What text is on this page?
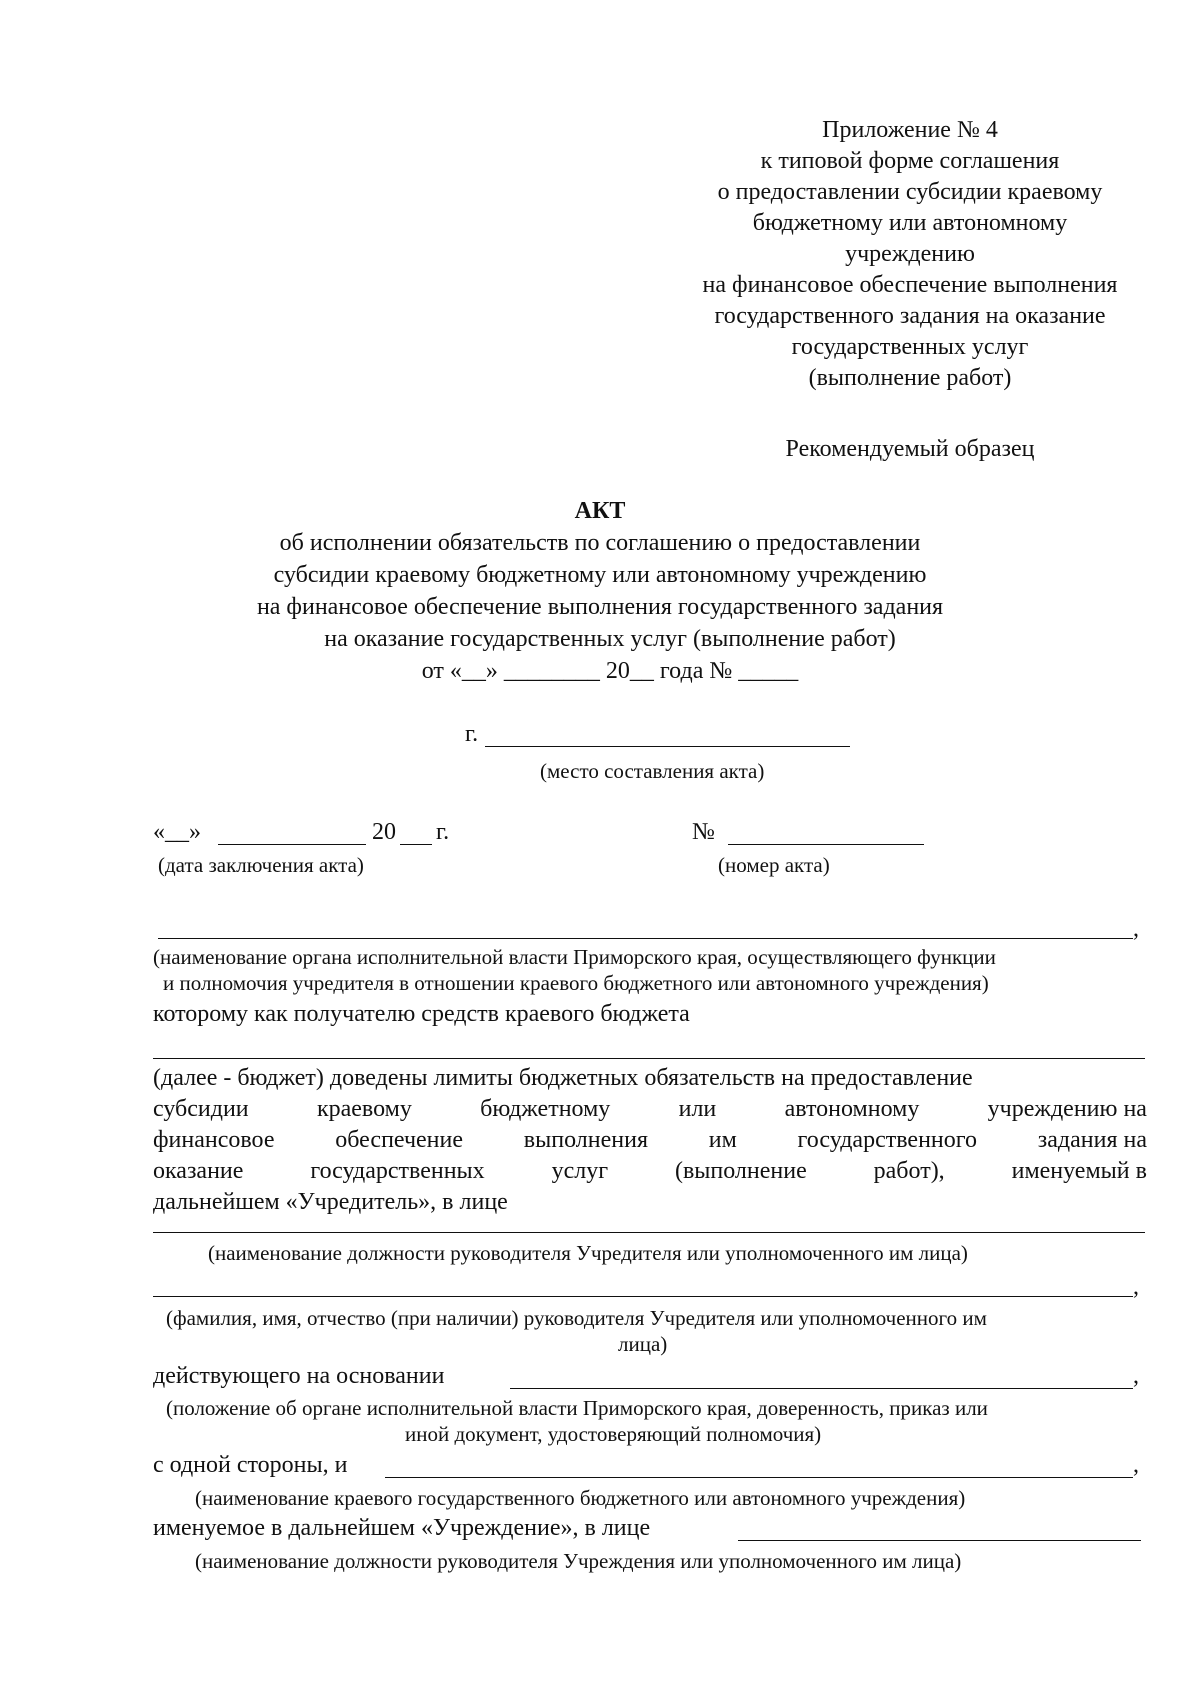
Приложение № 4
к типовой форме соглашения
о предоставлении субсидии краевому
бюджетному или автономному
учреждению
на финансовое обеспечение выполнения
государственного задания на оказание
государственных услуг
(выполнение работ)
Рекомендуемый образец
АКТ
об исполнении обязательств по соглашению о предоставлении
субсидии краевому бюджетному или автономному учреждению
на финансовое обеспечение выполнения государственного задания
на оказание государственных услуг (выполнение работ)
от «__» ________ 20__ года № _____
г.
(место составления акта)
«__»	20 г.
(дата заключения акта)
№
(номер акта)
,
(наименование органа исполнительной власти Приморского края, осуществляющего функции
и полномочия учредителя в отношении краевого бюджетного или автономного учреждения)
которому как получателю средств краевого бюджета
(далее - бюджет) доведены лимиты бюджетных обязательств на предоставление
субсидии	краевому	бюджетному	или	автономному	учреждению на
финансовое	обеспечение	выполнения	им	государственного	задания на
оказание	государственных	услуг	(выполнение	работ),	именуемый в
дальнейшем «Учредитель», в лице
(наименование должности руководителя Учредителя или уполномоченного им лица)
,
(фамилия, имя, отчество (при наличии) руководителя Учредителя или уполномоченного им
лица)
действующего на основании	,
(положение об органе исполнительной власти Приморского края, доверенность, приказ или
иной документ, удостоверяющий полномочия)
с одной стороны, и	,
(наименование краевого государственного бюджетного или автономного учреждения)
именуемое в дальнейшем «Учреждение», в лице
(наименование должности руководителя Учреждения или уполномоченного им лица)
